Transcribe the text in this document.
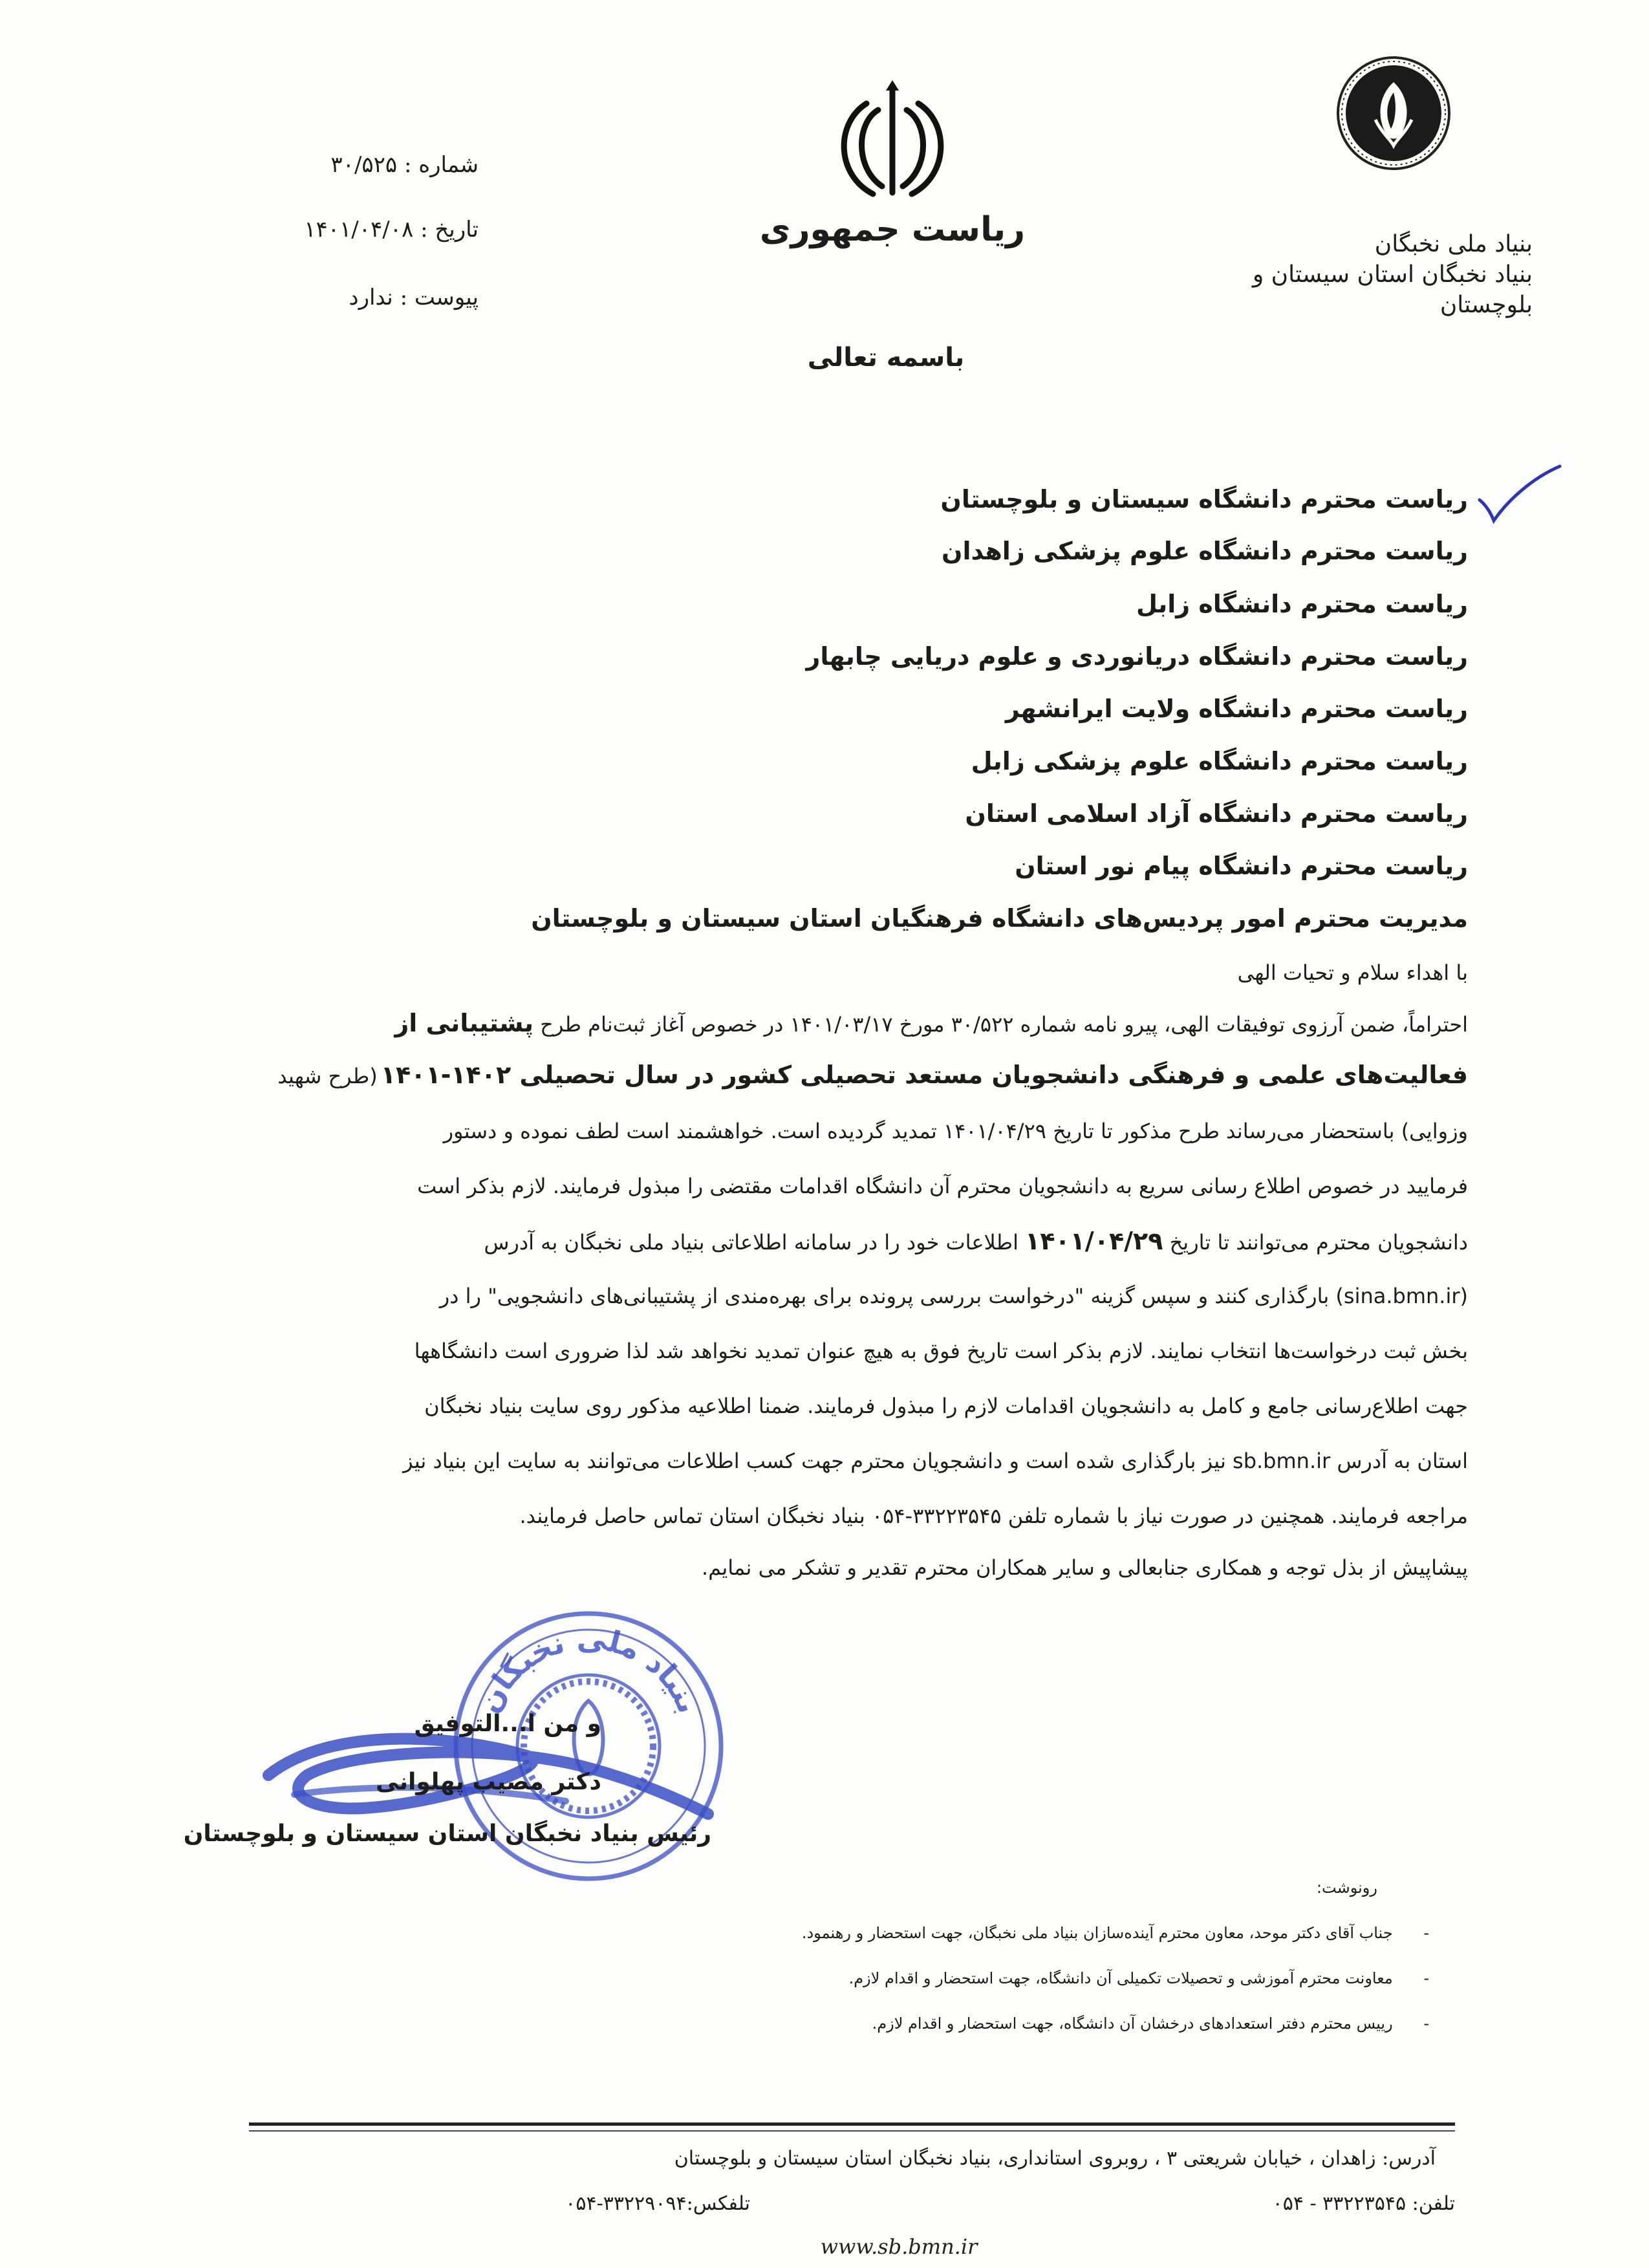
بنیاد ملی نخبگان
بنیاد نخبگان استان سیستان و
بلوچستان
ریاست جمهوری
باسمه تعالی
شماره : ۳۰/۵۲۵
تاریخ : ۱۴۰۱/۰۴/۰۸
پیوست : ندارد
ریاست محترم دانشگاه سیستان و بلوچستان
ریاست محترم دانشگاه علوم پزشکی زاهدان
ریاست محترم دانشگاه زابل
ریاست محترم دانشگاه دریانوردی و علوم دریایی چابهار
ریاست محترم دانشگاه ولایت ایرانشهر
ریاست محترم دانشگاه علوم پزشکی زابل
ریاست محترم دانشگاه آزاد اسلامی استان
ریاست محترم دانشگاه پیام نور استان
مدیریت محترم امور پردیس‌های دانشگاه فرهنگیان استان سیستان و بلوچستان
با اهداء سلام و تحیات الهی
احتراماً، ضمن آرزوی توفیقات الهی، پیرو نامه شماره ۳۰/۵۲۲ مورخ ۱۴۰۱/۰۳/۱۷ در خصوص آغاز ثبت‌نام طرح پشتیبانی از
فعالیت‌های علمی و فرهنگی دانشجویان مستعد تحصیلی کشور در سال تحصیلی ۱۴۰۲-۱۴۰۱ (طرح شهید
وزوایی) باستحضار می‌رساند طرح مذکور تا تاریخ ۱۴۰۱/۰۴/۲۹ تمدید گردیده است. خواهشمند است لطف نموده و دستور
فرمایید در خصوص اطلاع رسانی سریع به دانشجویان محترم آن دانشگاه اقدامات مقتضی را مبذول فرمایند. لازم بذکر است
دانشجویان محترم می‌توانند تا تاریخ ۱۴۰۱/۰۴/۲۹ اطلاعات خود را در سامانه اطلاعاتی بنیاد ملی نخبگان به آدرس
(sina.bmn.ir) بارگذاری کنند و سپس گزینه "درخواست بررسی پرونده برای بهره‌مندی از پشتیبانی‌های دانشجویی" را در
بخش ثبت درخواست‌ها انتخاب نمایند. لازم بذکر است تاریخ فوق به هیچ عنوان تمدید نخواهد شد لذا ضروری است دانشگاهها
جهت اطلاع‌رسانی جامع و کامل به دانشجویان اقدامات لازم را مبذول فرمایند. ضمنا اطلاعیه مذکور روی سایت بنیاد نخبگان
استان به آدرس sb.bmn.ir نیز بارگذاری شده است و دانشجویان محترم جهت کسب اطلاعات می‌توانند به سایت این بنیاد نیز
مراجعه فرمایند. همچنین در صورت نیاز با شماره تلفن ۳۳۲۲۳۵۴۵-۰۵۴ بنیاد نخبگان استان تماس حاصل فرمایند.
پیشاپیش از بذل توجه و همکاری جنابعالی و سایر همکاران محترم تقدیر و تشکر می نمایم.
بنیاد ملی نخبگان
و من ا...التوفیق
دکتر مصیب پهلوانی
رئیس بنیاد نخبگان استان سیستان و بلوچستان
رونوشت:
- جناب آقای دکتر موحد، معاون محترم آینده‌سازان بنیاد ملی نخبگان، جهت استحضار و رهنمود.
- معاونت محترم آموزشی و تحصیلات تکمیلی آن دانشگاه، جهت استحضار و اقدام لازم.
- رییس محترم دفتر استعدادهای درخشان آن دانشگاه، جهت استحضار و اقدام لازم.
آدرس: زاهدان ، خیابان شریعتی ۳ ، روبروی استانداری، بنیاد نخبگان استان سیستان و بلوچستان
تلفن: ۳۳۲۲۳۵۴۵ - ۰۵۴
تلفکس:۳۳۲۲۹۰۹۴-۰۵۴
www.sb.bmn.ir
